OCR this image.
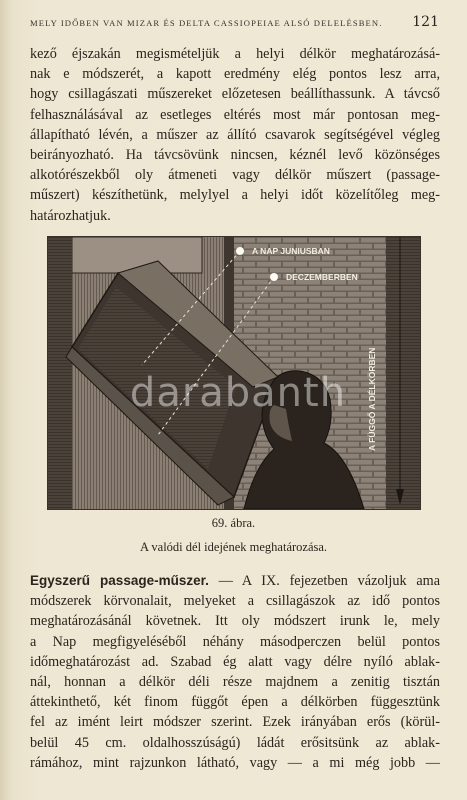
MELY IDŐBEN VAN MIZAR ÉS DELTA CASSIOPEIAE ALSÓ DELELÉSBEN. 121
kező éjszakán megismételjük a helyi délkör meghatározásá-
nak e módszerét, a kapott eredmény elég pontos lesz arra,
hogy csillagászati műszereket előzetesen beállíthassunk. A távcső
felhasználásával az esetleges eltérés most már pontosan meg-
állapítható lévén, a műszer az állító csavarok segítségével végleg
beirányozható. Ha távcsövünk nincsen, kéznél levő közönséges
alkotórészekből oly átmeneti vagy délkör műszert (passage-
műszert) készíthetünk, melylyel a helyi időt közelítőleg meg-
határozhatjuk.
A NAP JUNIUSBAN
DECZEMBERBEN
A FÜGGŐ A DÉLKÖRBEN
darabanth
69. ábra.
A valódi dél idejének meghatározása.
Egyszerű passage-műszer. — A IX. fejezetben vázoljuk ama
módszerek körvonalait, melyeket a csillagászok az idő pontos
meghatározásánál követnek. Itt oly módszert irunk le, mely
a Nap megfigyeléséből néhány másodperczen belül pontos
időmeghatározást ad. Szabad ég alatt vagy délre nyíló ablak-
nál, honnan a délkör déli része majdnem a zenitig tisztán
áttekinthető, két finom függőt épen a délkörben függesztünk
fel az imént leirt módszer szerint. Ezek irányában erős (körül-
belül 45 cm. oldalhosszúságú) ládát erősitsünk az ablak-
rámához, mint rajzunkon látható, vagy — a mi még jobb —
